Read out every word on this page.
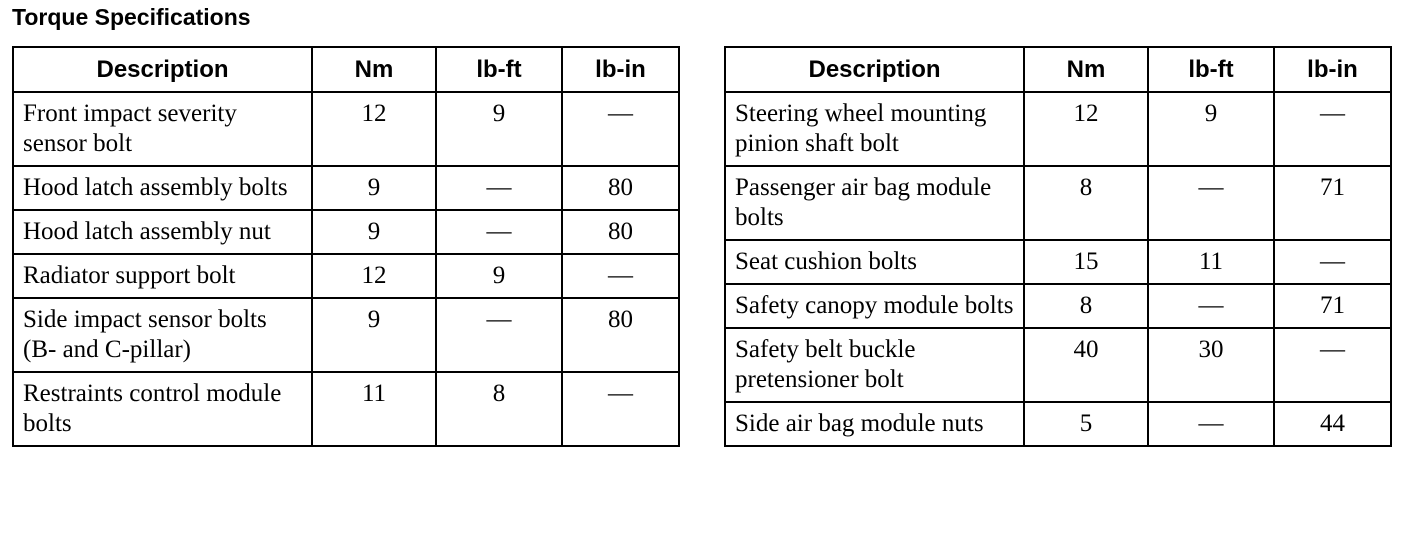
Torque Specifications
Description	Nm	lb-ft	lb-in
Front impact severity sensor bolt	12	9	—
Hood latch assembly bolts	9	—	80
Hood latch assembly nut	9	—	80
Radiator support bolt	12	9	—
Side impact sensor bolts (B- and C-pillar)	9	—	80
Restraints control module bolts	11	8	—
Description	Nm	lb-ft	lb-in
Steering wheel mounting pinion shaft bolt	12	9	—
Passenger air bag module bolts	8	—	71
Seat cushion bolts	15	11	—
Safety canopy module bolts	8	—	71
Safety belt buckle pretensioner bolt	40	30	—
Side air bag module nuts	5	—	44
